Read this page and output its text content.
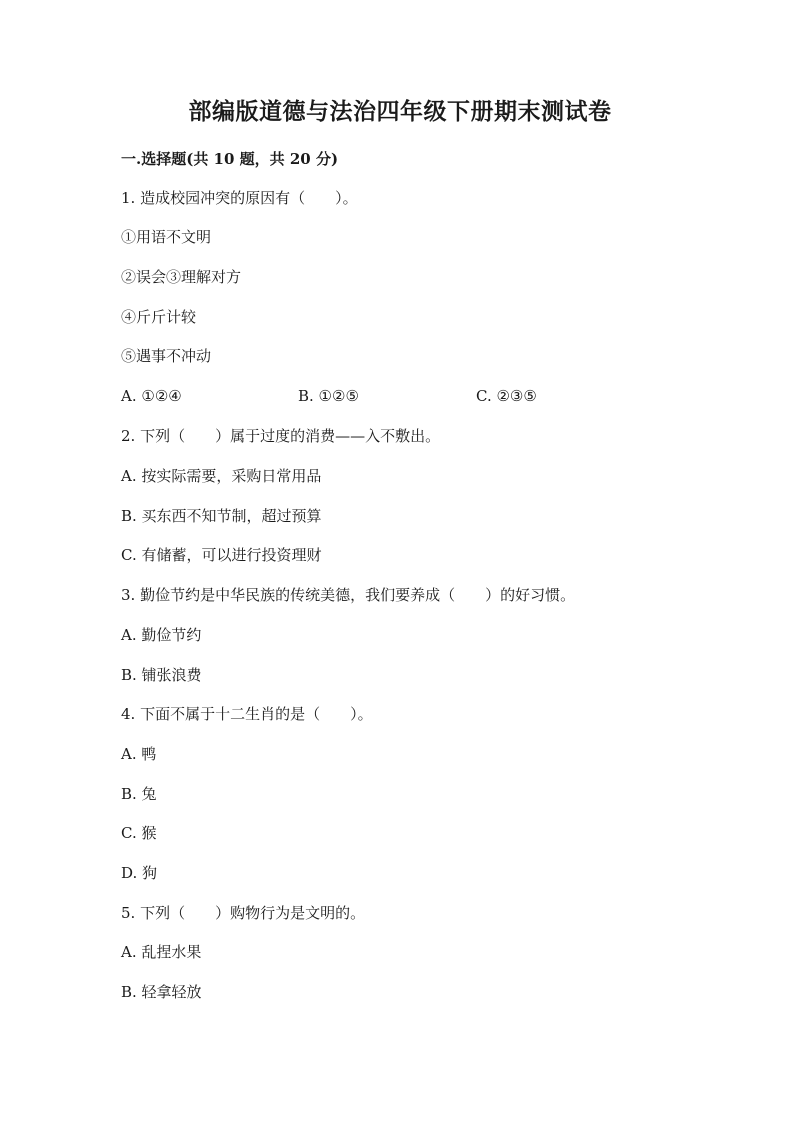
部编版道德与法治四年级下册期末测试卷

一.选择题(共 10 题，共 20 分)

1. 造成校园冲突的原因有（　　）。

①用语不文明

②误会③理解对方

④斤斤计较

⑤遇事不冲动

A. ①②④	B. ①②⑤	C. ②③⑤

2. 下列（　　）属于过度的消费——入不敷出。

A. 按实际需要，采购日常用品

B. 买东西不知节制，超过预算

C. 有储蓄，可以进行投资理财

3. 勤俭节约是中华民族的传统美德，我们要养成（　　）的好习惯。

A. 勤俭节约

B. 铺张浪费

4. 下面不属于十二生肖的是（　　）。

A. 鸭

B. 兔

C. 猴

D. 狗

5. 下列（　　）购物行为是文明的。

A. 乱捏水果

B. 轻拿轻放
